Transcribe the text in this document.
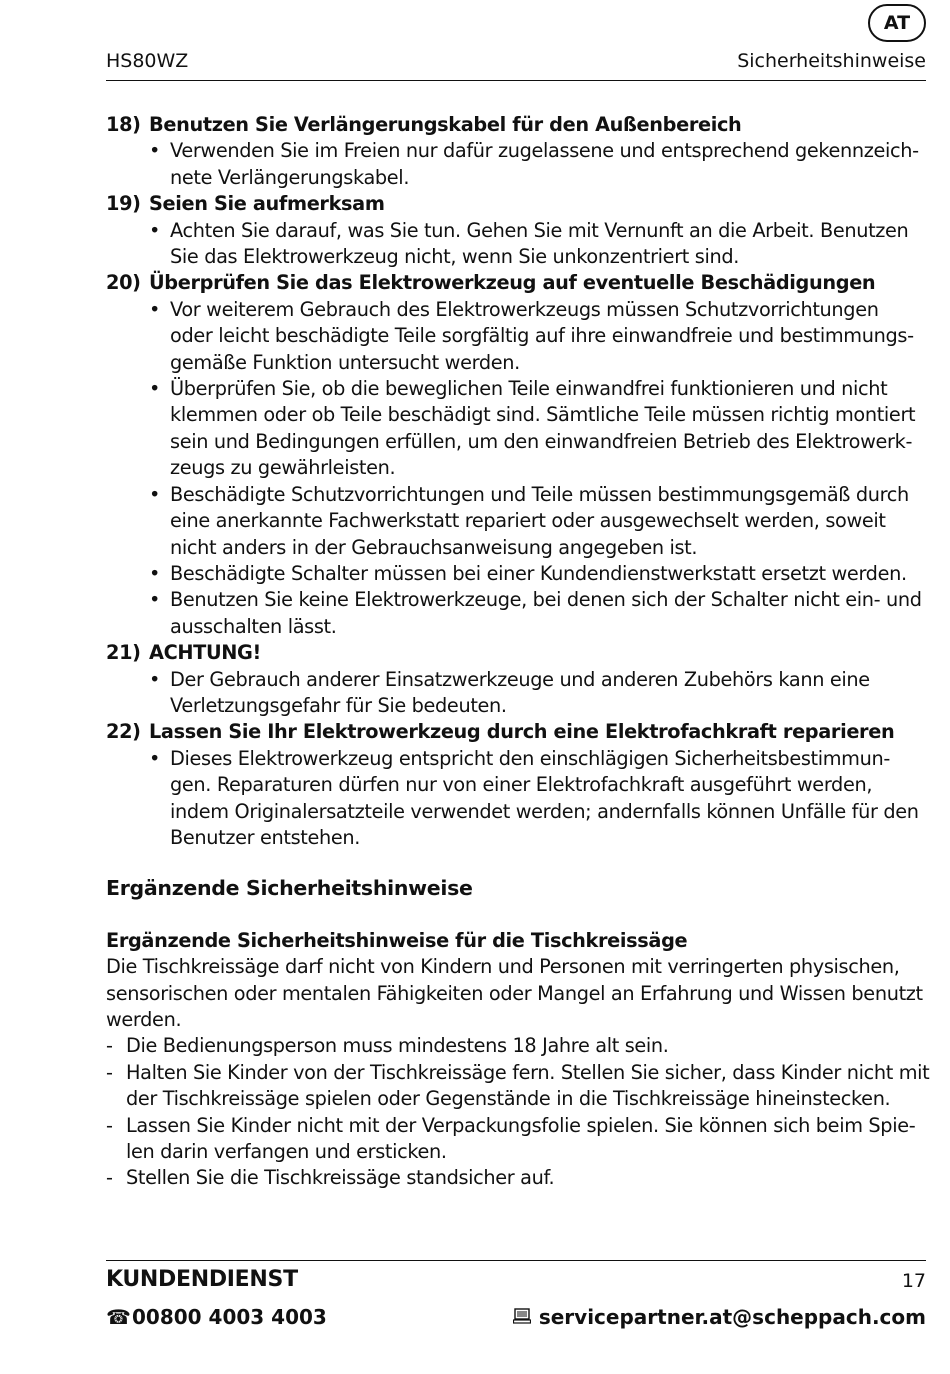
AT
HS80WZ	Sicherheitshinweise
18) Benutzen Sie Verlängerungskabel für den Außenbereich
• Verwenden Sie im Freien nur dafür zugelassene und entsprechend gekennzeich-
nete Verlängerungskabel.
19) Seien Sie aufmerksam
• Achten Sie darauf, was Sie tun. Gehen Sie mit Vernunft an die Arbeit. Benutzen
Sie das Elektrowerkzeug nicht, wenn Sie unkonzentriert sind.
20) Überprüfen Sie das Elektrowerkzeug auf eventuelle Beschädigungen
• Vor weiterem Gebrauch des Elektrowerkzeugs müssen Schutzvorrichtungen
oder leicht beschädigte Teile sorgfältig auf ihre einwandfreie und bestimmungs-
gemäße Funktion untersucht werden.
• Überprüfen Sie, ob die beweglichen Teile einwandfrei funktionieren und nicht
klemmen oder ob Teile beschädigt sind. Sämtliche Teile müssen richtig montiert
sein und Bedingungen erfüllen, um den einwandfreien Betrieb des Elektrowerk-
zeugs zu gewährleisten.
• Beschädigte Schutzvorrichtungen und Teile müssen bestimmungsgemäß durch
eine anerkannte Fachwerkstatt repariert oder ausgewechselt werden, soweit
nicht anders in der Gebrauchsanweisung angegeben ist.
• Beschädigte Schalter müssen bei einer Kundendienstwerkstatt ersetzt werden.
• Benutzen Sie keine Elektrowerkzeuge, bei denen sich der Schalter nicht ein- und
ausschalten lässt.
21) ACHTUNG!
• Der Gebrauch anderer Einsatzwerkzeuge und anderen Zubehörs kann eine
Verletzungsgefahr für Sie bedeuten.
22) Lassen Sie Ihr Elektrowerkzeug durch eine Elektrofachkraft reparieren
• Dieses Elektrowerkzeug entspricht den einschlägigen Sicherheitsbestimmun-
gen. Reparaturen dürfen nur von einer Elektrofachkraft ausgeführt werden,
indem Originalersatzteile verwendet werden; andernfalls können Unfälle für den
Benutzer entstehen.
Ergänzende Sicherheitshinweise
Ergänzende Sicherheitshinweise für die Tischkreissäge
Die Tischkreissäge darf nicht von Kindern und Personen mit verringerten physischen,
sensorischen oder mentalen Fähigkeiten oder Mangel an Erfahrung und Wissen benutzt
werden.
- Die Bedienungsperson muss mindestens 18 Jahre alt sein.
- Halten Sie Kinder von der Tischkreissäge fern. Stellen Sie sicher, dass Kinder nicht mit
der Tischkreissäge spielen oder Gegenstände in die Tischkreissäge hineinstecken.
- Lassen Sie Kinder nicht mit der Verpackungsfolie spielen. Sie können sich beim Spie-
len darin verfangen und ersticken.
- Stellen Sie die Tischkreissäge standsicher auf.
KUNDENDIENST	17
☎ 00800 4003 4003	servicepartner.at@scheppach.com
